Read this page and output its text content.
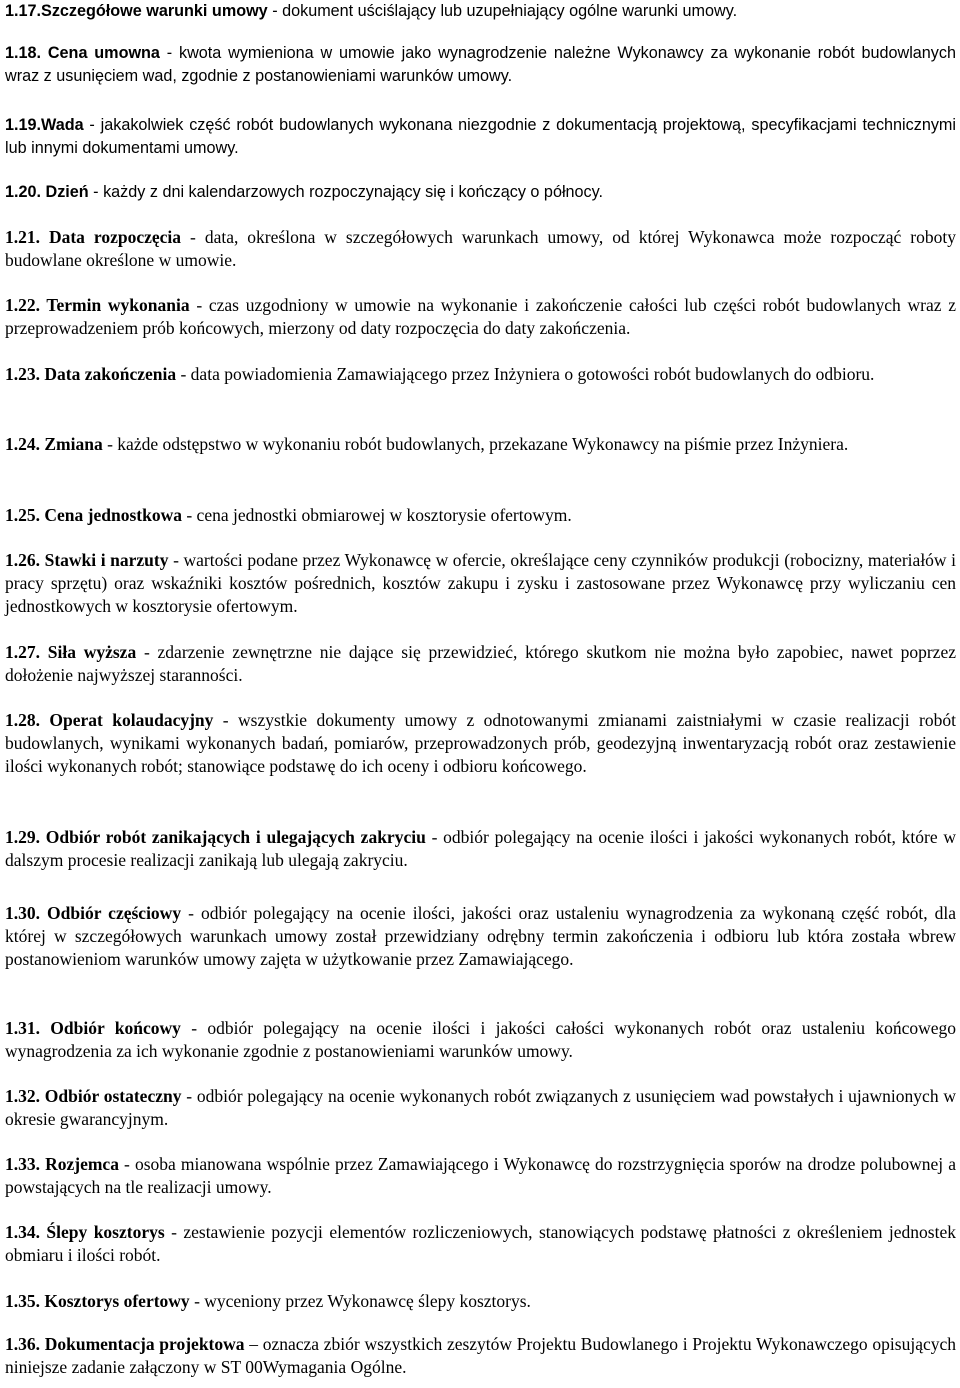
1.17.Szczegółowe warunki umowy - dokument uściślający lub uzupełniający ogólne warunki umowy.

1.18. Cena umowna - kwota wymieniona w umowie jako wynagrodzenie należne Wykonawcy za wykonanie robót budowlanych wraz z usunięciem wad, zgodnie z postanowieniami warunków umowy.

1.19.Wada - jakakolwiek część robót budowlanych wykonana niezgodnie z dokumentacją projektową, specyfikacjami technicznymi lub innymi dokumentami umowy.

1.20. Dzień - każdy z dni kalendarzowych rozpoczynający się i kończący o północy.

1.21. Data rozpoczęcia - data, określona w szczegółowych warunkach umowy, od której Wykonawca może rozpocząć roboty budowlane określone w umowie.

1.22. Termin wykonania - czas uzgodniony w umowie na wykonanie i zakończenie całości lub części robót budowlanych wraz z przeprowadzeniem prób końcowych, mierzony od daty rozpoczęcia do daty zakończenia.

1.23. Data zakończenia - data powiadomienia Zamawiającego przez Inżyniera o gotowości robót budowlanych do odbioru.

1.24. Zmiana - każde odstępstwo w wykonaniu robót budowlanych, przekazane Wykonawcy na piśmie przez Inżyniera.

1.25. Cena jednostkowa - cena jednostki obmiarowej w kosztorysie ofertowym.

1.26. Stawki i narzuty - wartości podane przez Wykonawcę w ofercie, określające ceny czynników produkcji (robocizny, materiałów i pracy sprzętu) oraz wskaźniki kosztów pośrednich, kosztów zakupu i zysku i zastosowane przez Wykonawcę przy wyliczaniu cen jednostkowych w kosztorysie ofertowym.

1.27. Siła wyższa - zdarzenie zewnętrzne nie dające się przewidzieć, którego skutkom nie można było zapobiec, nawet poprzez dołożenie najwyższej staranności.

1.28. Operat kolaudacyjny - wszystkie dokumenty umowy z odnotowanymi zmianami zaistniałymi w czasie realizacji robót budowlanych, wynikami wykonanych badań, pomiarów, przeprowadzonych prób, geodezyjną inwentaryzacją robót oraz zestawienie ilości wykonanych robót; stanowiące podstawę do ich oceny i odbioru końcowego.

1.29. Odbiór robót zanikających i ulegających zakryciu - odbiór polegający na ocenie ilości i jakości wykonanych robót, które w dalszym procesie realizacji zanikają lub ulegają zakryciu.

1.30. Odbiór częściowy - odbiór polegający na ocenie ilości, jakości oraz ustaleniu wynagrodzenia za wykonaną część robót, dla której w szczegółowych warunkach umowy został przewidziany odrębny termin zakończenia i odbioru lub która została wbrew postanowieniom warunków umowy zajęta w użytkowanie przez Zamawiającego.

1.31. Odbiór końcowy - odbiór polegający na ocenie ilości i jakości całości wykonanych robót oraz ustaleniu końcowego wynagrodzenia za ich wykonanie zgodnie z postanowieniami warunków umowy.

1.32. Odbiór ostateczny - odbiór polegający na ocenie wykonanych robót związanych z usunięciem wad powstałych i ujawnionych w okresie gwarancyjnym.

1.33. Rozjemca - osoba mianowana wspólnie przez Zamawiającego i Wykonawcę do rozstrzygnięcia sporów na drodze polubownej a powstających na tle realizacji umowy.

1.34. Ślepy kosztorys - zestawienie pozycji elementów rozliczeniowych, stanowiących podstawę płatności z określeniem jednostek obmiaru i ilości robót.

1.35. Kosztorys ofertowy - wyceniony przez Wykonawcę ślepy kosztorys.

1.36. Dokumentacja projektowa – oznacza zbiór wszystkich zeszytów Projektu Budowlanego i Projektu Wykonawczego opisujących niniejsze zadanie załączony w ST 00Wymagania Ogólne.
